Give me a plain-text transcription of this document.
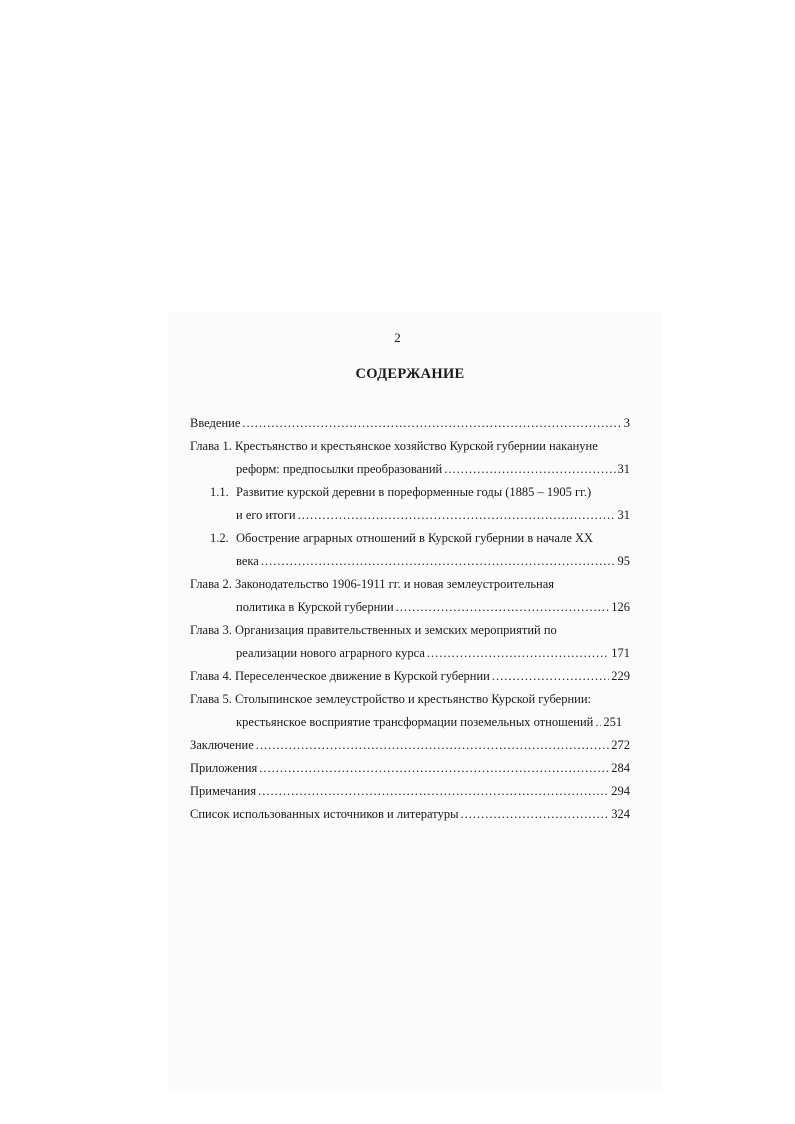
2
СОДЕРЖАНИЕ
Введение .....	3
Глава 1. Крестьянство и крестьянское хозяйство Курской губернии накануне
реформ: предпосылки преобразований .....	31
1.1. Развитие курской деревни в пореформенные годы (1885 – 1905 гг.)
и его итоги .....	31
1.2. Обострение аграрных отношений в Курской губернии в начале XX
века .....	95
Глава 2. Законодательство 1906-1911 гг. и новая землеустроительная
политика в Курской губернии .....	126
Глава 3. Организация правительственных и земских мероприятий по
реализации нового аграрного курса .....	171
Глава 4. Переселенческое движение в Курской губернии .....	229
Глава 5. Столыпинское землеустройство и крестьянство Курской губернии:
крестьянское восприятие трансформации поземельных отношений ..... 251
Заключение .....	272
Приложения .....	284
Примечания .....	294
Список использованных источников и литературы .....	324
